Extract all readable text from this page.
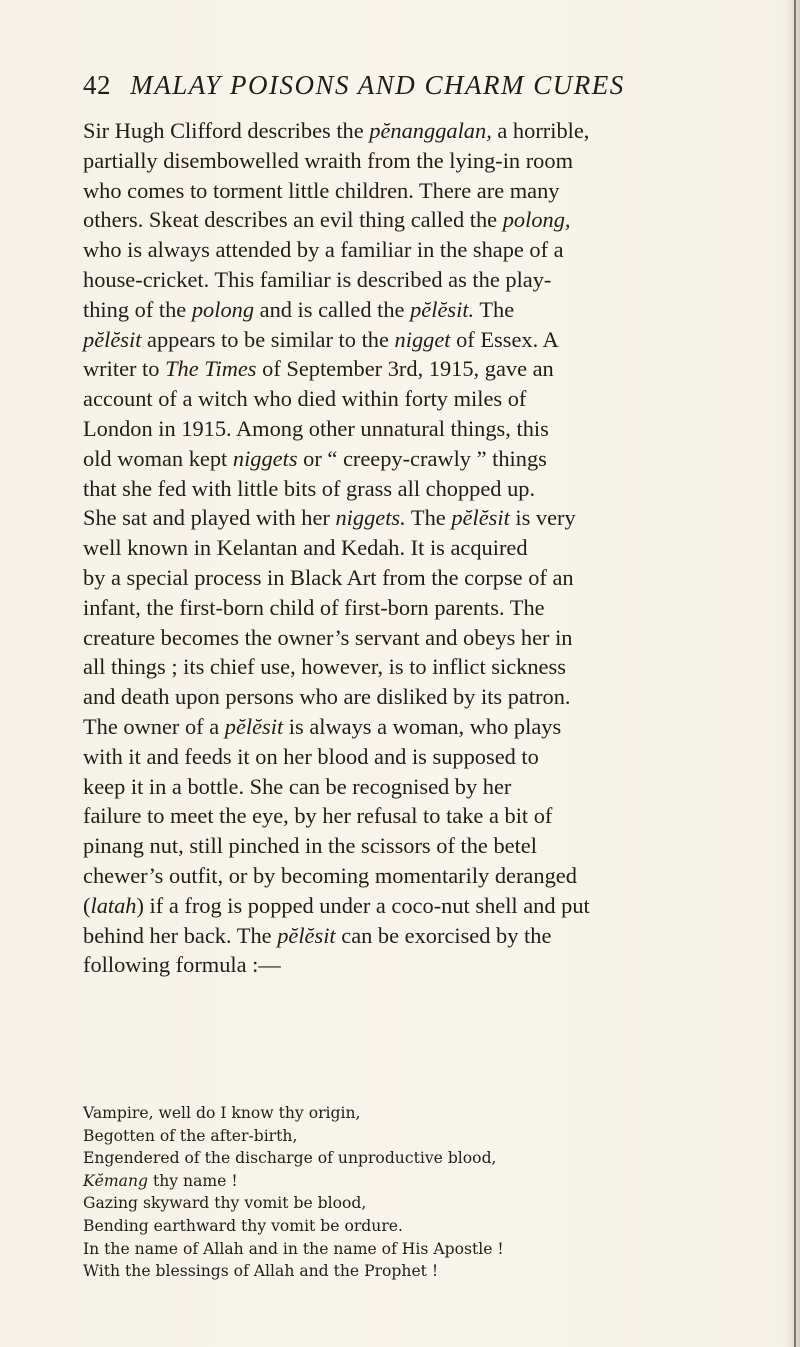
42 MALAY POISONS AND CHARM CURES
Sir Hugh Clifford describes the pĕnanggalan, a horrible,
partially disembowelled wraith from the lying-in room
who comes to torment little children. There are many
others. Skeat describes an evil thing called the polong,
who is always attended by a familiar in the shape of a
house-cricket. This familiar is described as the play-
thing of the polong and is called the pĕlĕsit. The
pĕlĕsit appears to be similar to the nigget of Essex. A
writer to The Times of September 3rd, 1915, gave an
account of a witch who died within forty miles of
London in 1915. Among other unnatural things, this
old woman kept niggets or “ creepy-crawly ” things
that she fed with little bits of grass all chopped up.
She sat and played with her niggets. The pĕlĕsit is very
well known in Kelantan and Kedah. It is acquired
by a special process in Black Art from the corpse of an
infant, the first-born child of first-born parents. The
creature becomes the owner’s servant and obeys her in
all things ; its chief use, however, is to inflict sickness
and death upon persons who are disliked by its patron.
The owner of a pĕlĕsit is always a woman, who plays
with it and feeds it on her blood and is supposed to
keep it in a bottle. She can be recognised by her
failure to meet the eye, by her refusal to take a bit of
pinang nut, still pinched in the scissors of the betel
chewer’s outfit, or by becoming momentarily deranged
(latah) if a frog is popped under a coco-nut shell and put
behind her back. The pĕlĕsit can be exorcised by the
following formula :—
Vampire, well do I know thy origin,
Begotten of the after-birth,
Engendered of the discharge of unproductive blood,
Kĕmang thy name !
Gazing skyward thy vomit be blood,
Bending earthward thy vomit be ordure.
In the name of Allah and in the name of His Apostle !
With the blessings of Allah and the Prophet !
